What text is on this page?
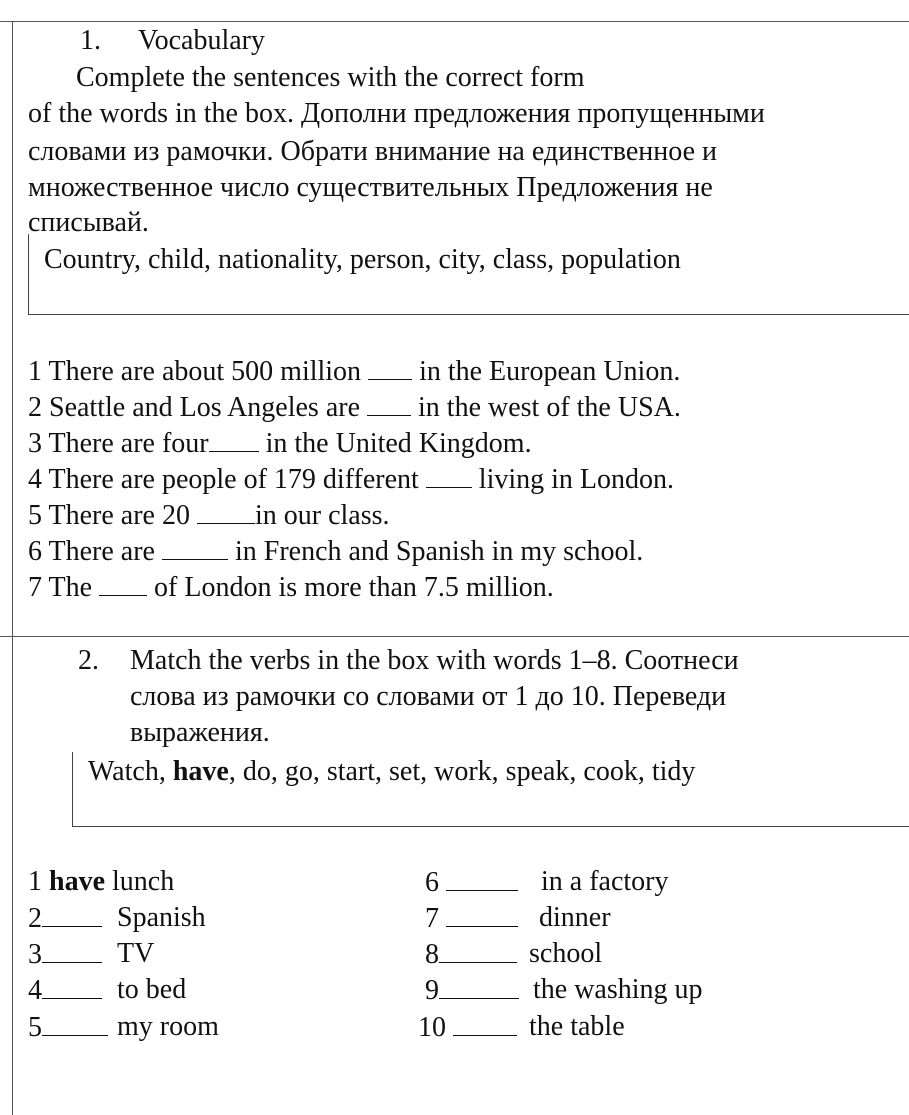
1. Vocabulary
Complete the sentences with the correct form
of the words in the box. Дополни предложения пропущенными
словами из рамочки. Обрати внимание на единственное и
множественное число существительных Предложения не
списывай.
Country, child, nationality, person, city, class, population
1 There are about 500 million  in the European Union.
2 Seattle and Los Angeles are  in the west of the USA.
3 There are four in the United Kingdom.
4 There are people of 179 different  living in London.
5 There are 20 in our class.
6 There are  in French and Spanish in my school.
7 The  of London is more than 7.5 million.
2. Match the verbs in the box with words 1–8. Соотнеси
слова из рамочки со словами от 1 до 10. Переведи
выражения.
Watch, have, do, go, start, set, work, speak, cook, tidy
1 have lunch
2	Spanish
3	TV
4	to bed
5	my room
6	in a factory
7	dinner
8	school
9	the washing up
10	the table
